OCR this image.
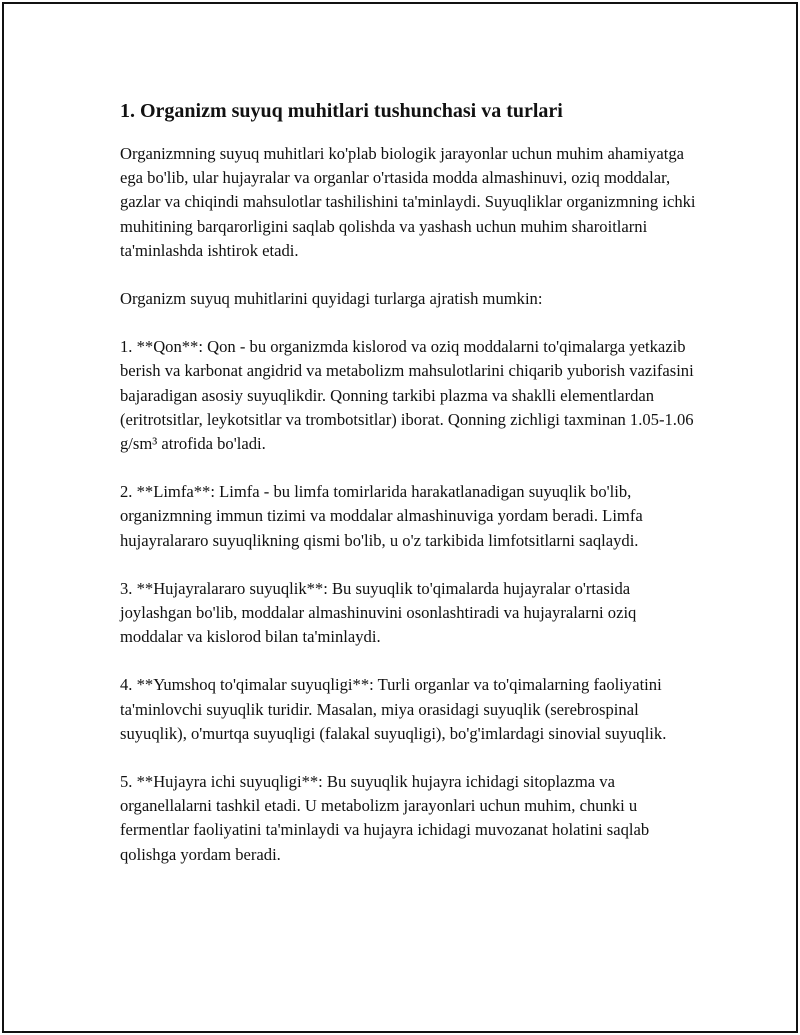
1. Organizm suyuq muhitlari tushunchasi va turlari

Organizmning suyuq muhitlari ko'plab biologik jarayonlar uchun muhim ahamiyatga ega bo'lib, ular hujayralar va organlar o'rtasida modda almashinuvi, oziq moddalar, gazlar va chiqindi mahsulotlar tashilishini ta'minlaydi. Suyuqliklar organizmning ichki muhitining barqarorligini saqlab qolishda va yashash uchun muhim sharoitlarni ta'minlashda ishtirok etadi.

Organizm suyuq muhitlarini quyidagi turlarga ajratish mumkin:

1. **Qon**: Qon - bu organizmda kislorod va oziq moddalarni to'qimalarga yetkazib berish va karbonat angidrid va metabolizm mahsulotlarini chiqarib yuborish vazifasini bajaradigan asosiy suyuqlikdir. Qonning tarkibi plazma va shaklli elementlardan (eritrotsitlar, leykotsitlar va trombotsitlar) iborat. Qonning zichligi taxminan 1.05-1.06 g/sm³ atrofida bo'ladi.

2. **Limfa**: Limfa - bu limfa tomirlarida harakatlanadigan suyuqlik bo'lib, organizmning immun tizimi va moddalar almashinuviga yordam beradi. Limfa hujayralararo suyuqlikning qismi bo'lib, u o'z tarkibida limfotsitlarni saqlaydi.

3. **Hujayralararo suyuqlik**: Bu suyuqlik to'qimalarda hujayralar o'rtasida joylashgan bo'lib, moddalar almashinuvini osonlashtiradi va hujayralarni oziq moddalar va kislorod bilan ta'minlaydi.

4. **Yumshoq to'qimalar suyuqligi**: Turli organlar va to'qimalarning faoliyatini ta'minlovchi suyuqlik turidir. Masalan, miya orasidagi suyuqlik (serebrospinal suyuqlik), o'murtqa suyuqligi (falakal suyuqligi), bo'g'imlardagi sinovial suyuqlik.

5. **Hujayra ichi suyuqligi**: Bu suyuqlik hujayra ichidagi sitoplazma va organellalarni tashkil etadi. U metabolizm jarayonlari uchun muhim, chunki u fermentlar faoliyatini ta'minlaydi va hujayra ichidagi muvozanat holatini saqlab qolishga yordam beradi.
